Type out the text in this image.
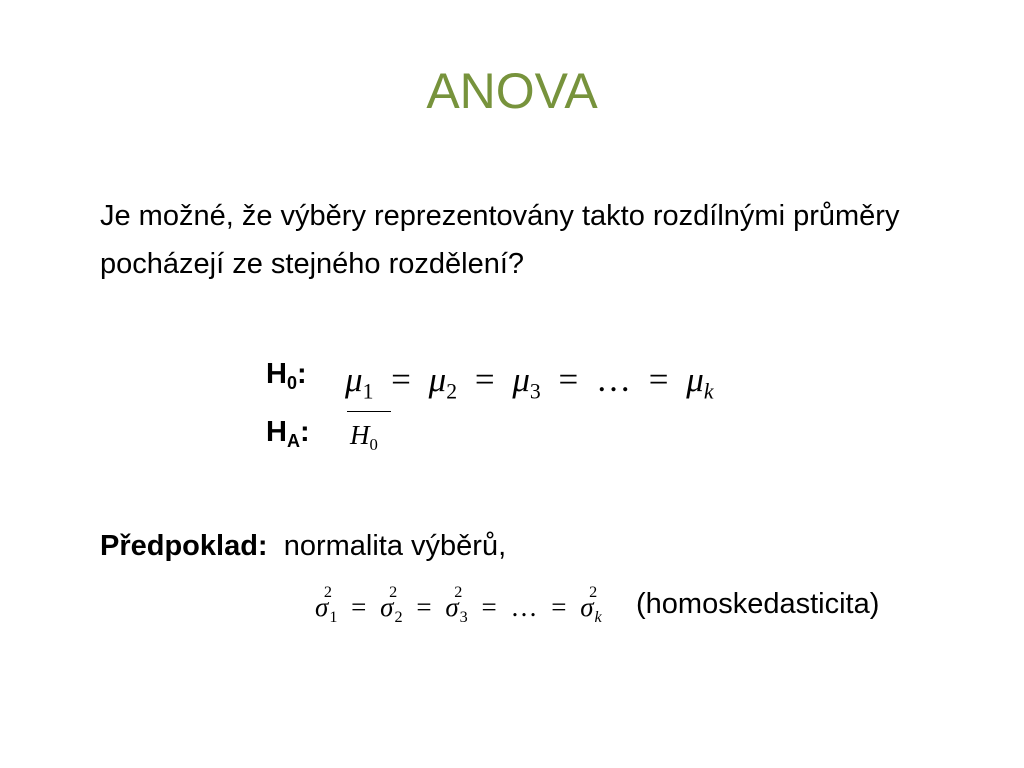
ANOVA
Je možné, že výběry reprezentovány takto rozdílnými průměry pocházejí ze stejného rozdělení?
$H_0$: $\mu_1 = \mu_2 = \mu_3$ = … = $\mu_k$
$H_A$: $H_0$
Předpoklad: normalita výběrů,
σ
2
$_1$ = σ
2
$_2$ = σ
2
$_3$ = … = σ
2
$_k$ (homoskedasticita)
